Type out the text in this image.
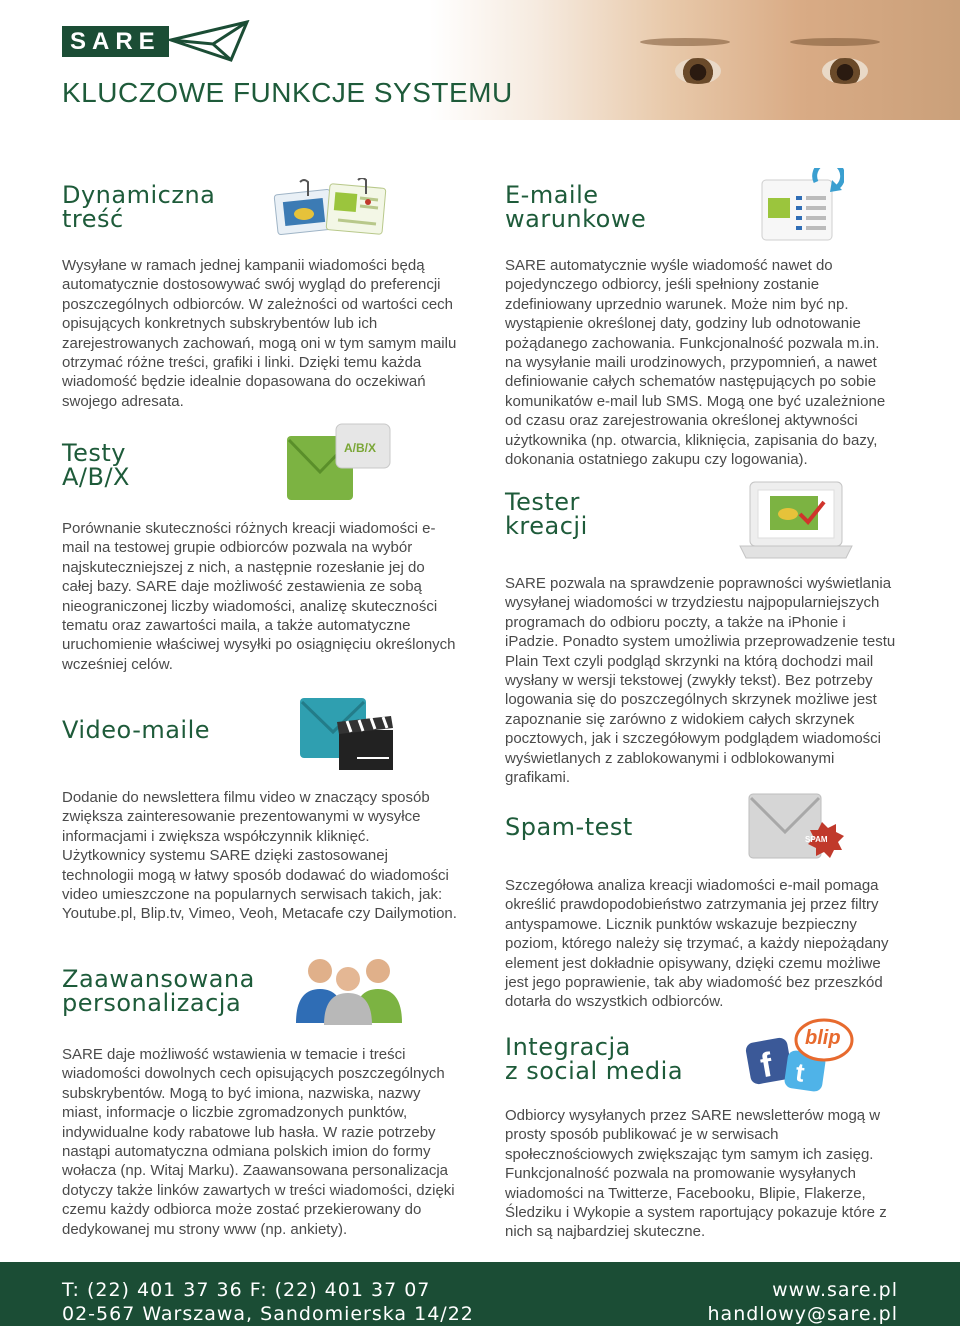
SARE
KLUCZOWE FUNKCJE SYSTEMU
Dynamiczna
treść

Wysyłane w ramach jednej kampanii wiadomości będą automatycznie dostosowywać swój wygląd do preferencji poszczególnych odbiorców. W zależności od wartości cech opisujących konkretnych subskrybentów lub ich zarejestrowanych zachowań, mogą oni w tym samym mailu otrzymać różne treści, grafiki i linki. Dzięki temu każda wiadomość będzie idealnie dopasowana do oczekiwań swojego adresata.

Testy
A/B/X

Porównanie skuteczności różnych kreacji wiadomości e-mail na testowej grupie odbiorców pozwala na wybór najskuteczniejszej z nich, a następnie rozesłanie jej do całej bazy. SARE daje możliwość zestawienia ze sobą nieograniczonej liczby wiadomości, analizę skuteczności tematu oraz zawartości maila, a także automatyczne uruchomienie właściwej wysyłki po osiągnięciu określonych wcześniej celów.

A/B/X
Video-maile

Dodanie do newslettera filmu video w znaczący sposób zwiększa zainteresowanie prezentowanymi w wysyłce informacjami i zwiększa współczynnik kliknięć. Użytkownicy systemu SARE dzięki zastosowanej technologii mogą w łatwy sposób dodawać do wiadomości video umieszczone na popularnych serwisach takich, jak: Youtube.pl, Blip.tv, Vimeo, Veoh, Metacafe czy Dailymotion.

Zaawansowana
personalizacja

SARE daje możliwość wstawienia w temacie i treści wiadomości dowolnych cech opisujących poszczególnych subskrybentów. Mogą to być imiona, nazwiska, nazwy miast, informacje o liczbie zgromadzonych punktów, indywidualne kody rabatowe lub hasła. W razie potrzeby nastąpi automatyczna odmiana polskich imion do formy wołacza (np. Witaj Marku). Zaawansowana personalizacja dotyczy także linków zawartych w treści wiadomości, dzięki czemu każdy odbiorca może zostać przekierowany do dedykowanej mu strony www (np. ankiety).

E-maile
warunkowe

SARE automatycznie wyśle wiadomość nawet do pojedynczego odbiorcy, jeśli spełniony zostanie zdefiniowany uprzednio warunek. Może nim być np. wystąpienie określonej daty, godziny lub odnotowanie pożądanego zachowania. Funkcjonalność pozwala m.in. na wysyłanie maili urodzinowych, przypomnień, a nawet definiowanie całych schematów następujących po sobie komunikatów e-mail lub SMS. Mogą one być uzależnione od czasu oraz zarejestrowania określonej aktywności użytkownika (np. otwarcia, kliknięcia, zapisania do bazy, dokonania ostatniego zakupu czy logowania).

Tester
kreacji

SARE pozwala na sprawdzenie poprawności wyświetlania wysyłanej wiadomości w trzydziestu najpopularniejszych programach do odbioru poczty, a także na iPhonie i iPadzie. Ponadto system umożliwia przeprowadzenie testu Plain Text czyli podgląd skrzynki na którą dochodzi mail wysłany w wersji tekstowej (zwykły tekst). Bez potrzeby logowania się do poszczególnych skrzynek możliwe jest zapoznanie się zarówno z widokiem całych skrzynek pocztowych, jak i szczegółowym podglądem wiadomości wyświetlanych z zablokowanymi i odblokowanymi grafikami.

Spam-test

Szczegółowa analiza kreacji wiadomości e-mail pomaga określić prawdopodobieństwo zatrzymania jej przez filtry antyspamowe. Licznik punktów wskazuje bezpieczny poziom, którego należy się trzymać, a każdy niepożądany element jest dokładnie opisywany, dzięki czemu możliwe jest jego poprawienie, tak aby wiadomość bez przeszkód dotarła do wszystkich odbiorców.

SPAM
Integracja
z social media

Odbiorcy wysyłanych przez SARE newsletterów mogą w prosty sposób publikować je w serwisach społecznościowych zwiększając tym samym ich zasięg. Funkcjonalność pozwala na promowanie wysyłanych wiadomości na Twitterze, Facebooku, Blipie, Flakerze, Śledziku i Wykopie a system raportujący pokazuje które z nich są najbardziej skuteczne.

f t
blip
T: (22) 401 37 36 F: (22) 401 37 07
02-567 Warszawa, Sandomierska 14/22
www.sare.pl
handlowy@sare.pl
